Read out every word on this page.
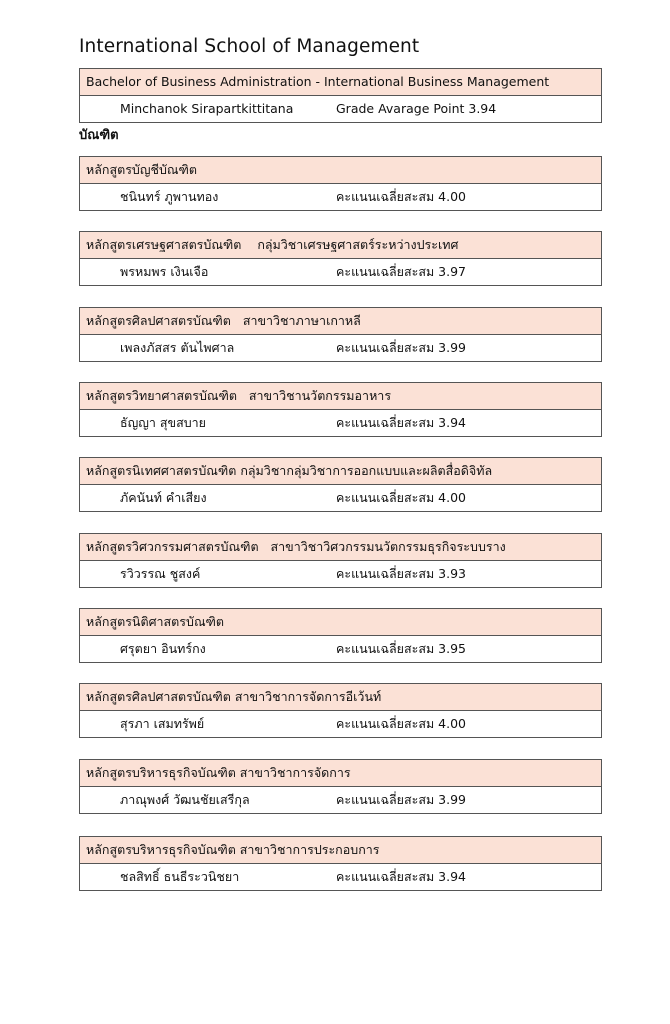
International School of Management
Bachelor of Business Administration - International Business Management
Minchanok Sirapartkittitana	Grade Avarage Point 3.94
บัณฑิต
หลักสูตรบัญชีบัณฑิต
ชนินทร์ ภูพานทอง	คะแนนเฉลี่ยสะสม 4.00
หลักสูตรเศรษฐศาสตรบัณฑิต    กลุ่มวิชาเศรษฐศาสตร์ระหว่างประเทศ
พรหมพร เงินเจือ	คะแนนเฉลี่ยสะสม 3.97
หลักสูตรศิลปศาสตรบัณฑิต   สาขาวิชาภาษาเกาหลี
เพลงภัสสร ตันไพศาล	คะแนนเฉลี่ยสะสม 3.99
หลักสูตรวิทยาศาสตรบัณฑิต   สาขาวิชานวัตกรรมอาหาร
ธัญญา สุขสบาย	คะแนนเฉลี่ยสะสม 3.94
หลักสูตรนิเทศศาสตรบัณฑิต กลุ่มวิชากลุ่มวิชาการออกแบบและผลิตสื่อดิจิทัล
ภัคนันท์ คำเสียง	คะแนนเฉลี่ยสะสม 4.00
หลักสูตรวิศวกรรมศาสตรบัณฑิต   สาขาวิชาวิศวกรรมนวัตกรรมธุรกิจระบบราง
รวิวรรณ ชูสงค์	คะแนนเฉลี่ยสะสม 3.93
หลักสูตรนิติศาสตรบัณฑิต
ศรุตยา อินทร์กง	คะแนนเฉลี่ยสะสม 3.95
หลักสูตรศิลปศาสตรบัณฑิต สาขาวิชาการจัดการอีเว้นท์
สุรภา เสมทรัพย์	คะแนนเฉลี่ยสะสม 4.00
หลักสูตรบริหารธุรกิจบัณฑิต สาขาวิชาการจัดการ
ภาณุพงศ์ วัฒนชัยเสรีกุล	คะแนนเฉลี่ยสะสม 3.99
หลักสูตรบริหารธุรกิจบัณฑิต สาขาวิชาการประกอบการ
ชลสิทธิ์ ธนธีระวนิชยา	คะแนนเฉลี่ยสะสม 3.94
